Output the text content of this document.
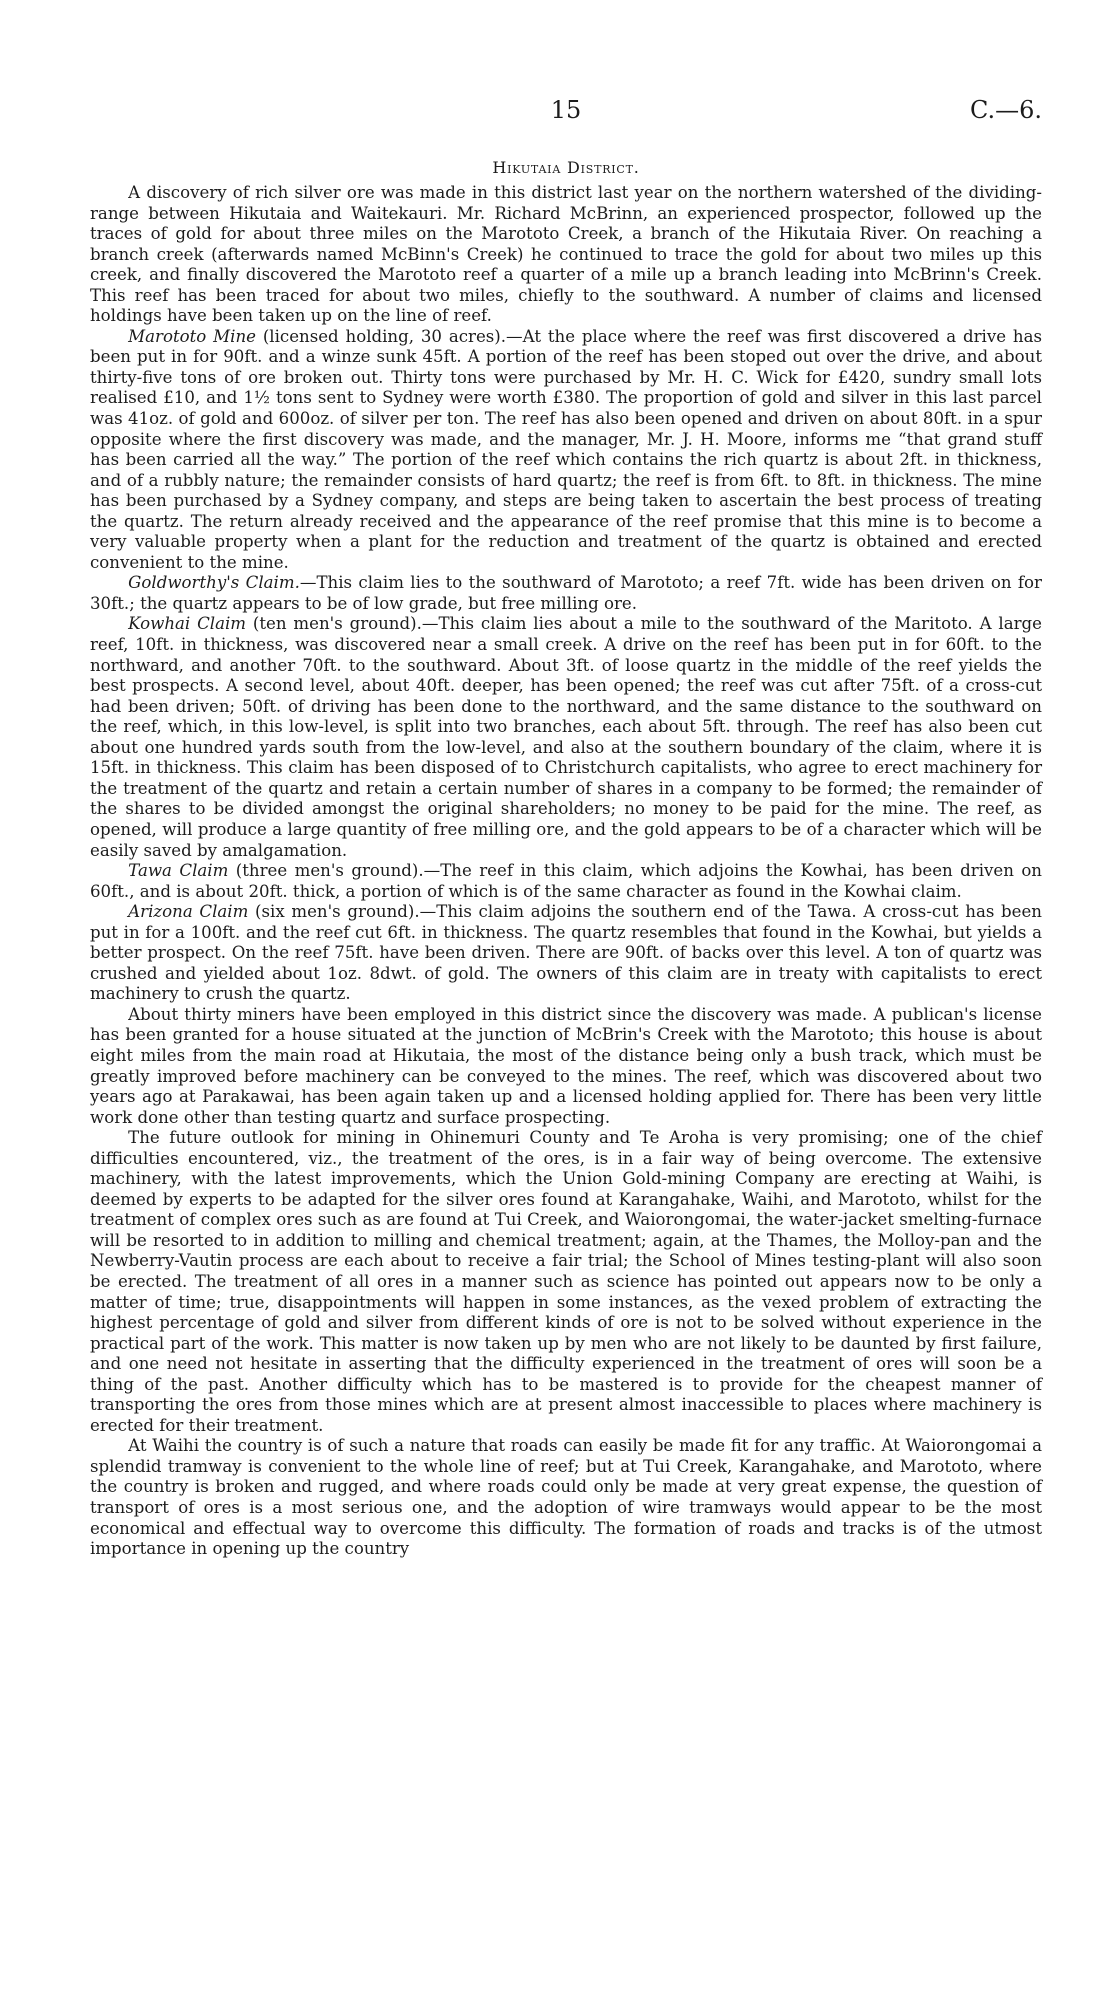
15	C.—6.
Hikutaia District.

A discovery of rich silver ore was made in this district last year on the northern watershed of the dividing-range between Hikutaia and Waitekauri. Mr. Richard McBrinn, an experienced prospector, followed up the traces of gold for about three miles on the Marototo Creek, a branch of the Hikutaia River. On reaching a branch creek (afterwards named McBinn's Creek) he continued to trace the gold for about two miles up this creek, and finally discovered the Marototo reef a quarter of a mile up a branch leading into McBrinn's Creek. This reef has been traced for about two miles, chiefly to the southward. A number of claims and licensed holdings have been taken up on the line of reef.

Marototo Mine (licensed holding, 30 acres).—At the place where the reef was first discovered a drive has been put in for 90ft. and a winze sunk 45ft. A portion of the reef has been stoped out over the drive, and about thirty-five tons of ore broken out. Thirty tons were purchased by Mr. H. C. Wick for £420, sundry small lots realised £10, and 1½ tons sent to Sydney were worth £380. The proportion of gold and silver in this last parcel was 41oz. of gold and 600oz. of silver per ton. The reef has also been opened and driven on about 80ft. in a spur opposite where the first discovery was made, and the manager, Mr. J. H. Moore, informs me “that grand stuff has been carried all the way.” The portion of the reef which contains the rich quartz is about 2ft. in thickness, and of a rubbly nature; the remainder consists of hard quartz; the reef is from 6ft. to 8ft. in thickness. The mine has been purchased by a Sydney company, and steps are being taken to ascertain the best process of treating the quartz. The return already received and the appearance of the reef promise that this mine is to become a very valuable property when a plant for the reduction and treatment of the quartz is obtained and erected convenient to the mine.

Goldworthy's Claim.—This claim lies to the southward of Marototo; a reef 7ft. wide has been driven on for 30ft.; the quartz appears to be of low grade, but free milling ore.

Kowhai Claim (ten men's ground).—This claim lies about a mile to the southward of the Maritoto. A large reef, 10ft. in thickness, was discovered near a small creek. A drive on the reef has been put in for 60ft. to the northward, and another 70ft. to the southward. About 3ft. of loose quartz in the middle of the reef yields the best prospects. A second level, about 40ft. deeper, has been opened; the reef was cut after 75ft. of a cross-cut had been driven; 50ft. of driving has been done to the northward, and the same distance to the southward on the reef, which, in this low-level, is split into two branches, each about 5ft. through. The reef has also been cut about one hundred yards south from the low-level, and also at the southern boundary of the claim, where it is 15ft. in thickness. This claim has been disposed of to Christchurch capitalists, who agree to erect machinery for the treatment of the quartz and retain a certain number of shares in a company to be formed; the remainder of the shares to be divided amongst the original shareholders; no money to be paid for the mine. The reef, as opened, will produce a large quantity of free milling ore, and the gold appears to be of a character which will be easily saved by amalgamation.

Tawa Claim (three men's ground).—The reef in this claim, which adjoins the Kowhai, has been driven on 60ft., and is about 20ft. thick, a portion of which is of the same character as found in the Kowhai claim.

Arizona Claim (six men's ground).—This claim adjoins the southern end of the Tawa. A cross-cut has been put in for a 100ft. and the reef cut 6ft. in thickness. The quartz resembles that found in the Kowhai, but yields a better prospect. On the reef 75ft. have been driven. There are 90ft. of backs over this level. A ton of quartz was crushed and yielded about 1oz. 8dwt. of gold. The owners of this claim are in treaty with capitalists to erect machinery to crush the quartz.

About thirty miners have been employed in this district since the discovery was made. A publican's license has been granted for a house situated at the junction of McBrin's Creek with the Marototo; this house is about eight miles from the main road at Hikutaia, the most of the distance being only a bush track, which must be greatly improved before machinery can be conveyed to the mines. The reef, which was discovered about two years ago at Parakawai, has been again taken up and a licensed holding applied for. There has been very little work done other than testing quartz and surface prospecting.

The future outlook for mining in Ohinemuri County and Te Aroha is very promising; one of the chief difficulties encountered, viz., the treatment of the ores, is in a fair way of being overcome. The extensive machinery, with the latest improvements, which the Union Gold-mining Company are erecting at Waihi, is deemed by experts to be adapted for the silver ores found at Karangahake, Waihi, and Marototo, whilst for the treatment of complex ores such as are found at Tui Creek, and Waiorongomai, the water-jacket smelting-furnace will be resorted to in addition to milling and chemical treatment; again, at the Thames, the Molloy-pan and the Newberry-Vautin process are each about to receive a fair trial; the School of Mines testing-plant will also soon be erected. The treatment of all ores in a manner such as science has pointed out appears now to be only a matter of time; true, disappointments will happen in some instances, as the vexed problem of extracting the highest percentage of gold and silver from different kinds of ore is not to be solved without experience in the practical part of the work. This matter is now taken up by men who are not likely to be daunted by first failure, and one need not hesitate in asserting that the difficulty experienced in the treatment of ores will soon be a thing of the past. Another difficulty which has to be mastered is to provide for the cheapest manner of transporting the ores from those mines which are at present almost inaccessible to places where machinery is erected for their treatment.

At Waihi the country is of such a nature that roads can easily be made fit for any traffic. At Waiorongomai a splendid tramway is convenient to the whole line of reef; but at Tui Creek, Karangahake, and Marototo, where the country is broken and rugged, and where roads could only be made at very great expense, the question of transport of ores is a most serious one, and the adoption of wire tramways would appear to be the most economical and effectual way to overcome this difficulty. The formation of roads and tracks is of the utmost importance in opening up the country
